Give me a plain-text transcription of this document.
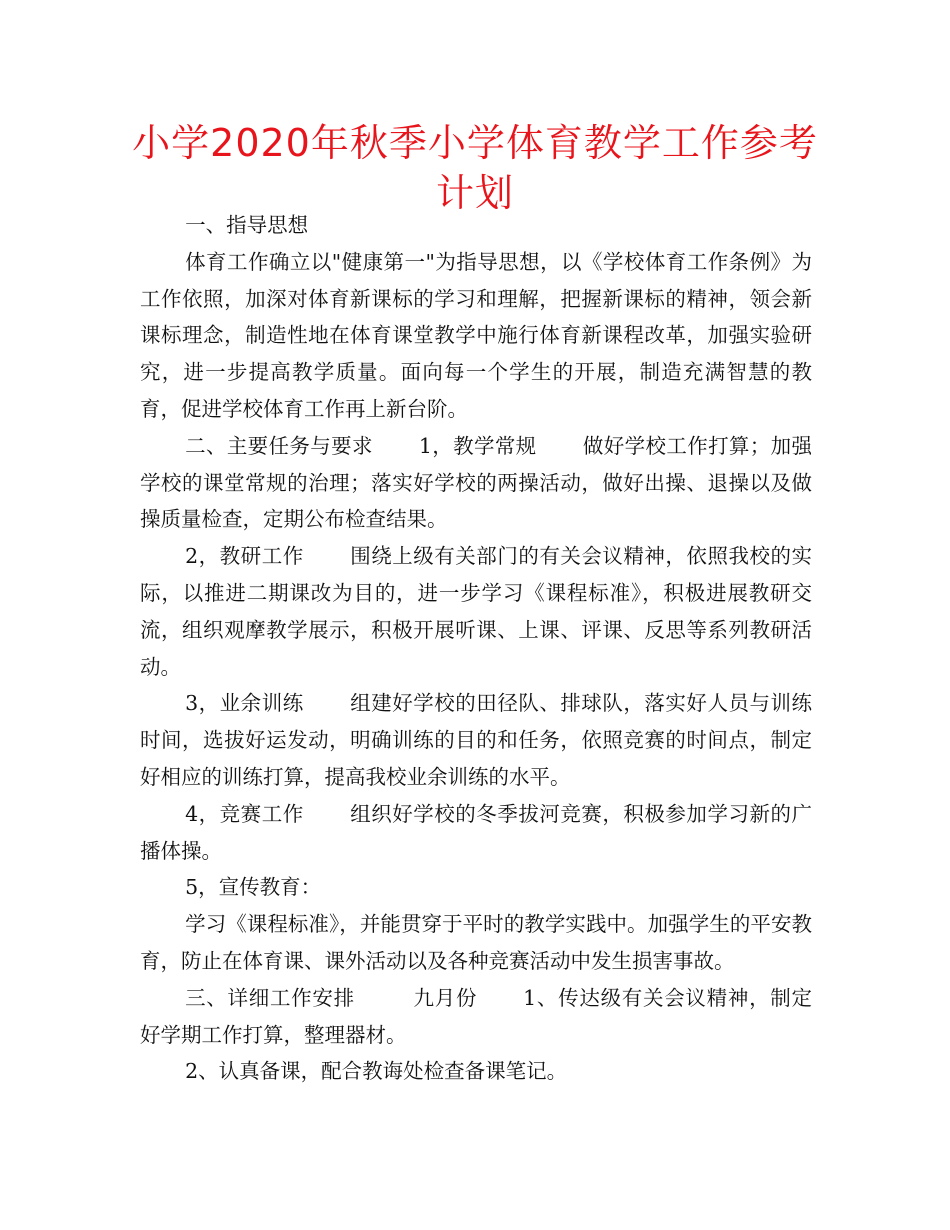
小学2020年秋季小学体育教学工作参考计划

一、指导思想

体育工作确立以"健康第一"为指导思想，以《学校体育工作条例》为工作依照，加深对体育新课标的学习和理解，把握新课标的精神，领会新课标理念，制造性地在体育课堂教学中施行体育新课程改革，加强实验研究，进一步提高教学质量。面向每一个学生的开展，制造充满智慧的教育，促进学校体育工作再上新台阶。

二、主要任务与要求 1，教学常规 做好学校工作打算；加强学校的课堂常规的治理；落实好学校的两操活动，做好出操、退操以及做操质量检查，定期公布检查结果。

2，教研工作 围绕上级有关部门的有关会议精神，依照我校的实际，以推进二期课改为目的，进一步学习《课程标准》，积极进展教研交流，组织观摩教学展示，积极开展听课、上课、评课、反思等系列教研活动。

3，业余训练 组建好学校的田径队、排球队，落实好人员与训练时间，选拔好运发动，明确训练的目的和任务，依照竞赛的时间点，制定好相应的训练打算，提高我校业余训练的水平。

4，竞赛工作 组织好学校的冬季拔河竞赛，积极参加学习新的广播体操。

5，宣传教育：

学习《课程标准》，并能贯穿于平时的教学实践中。加强学生的平安教育，防止在体育课、课外活动以及各种竞赛活动中发生损害事故。

三、详细工作安排	九月份 1、传达级有关会议精神，制定好学期工作打算，整理器材。

2、认真备课，配合教诲处检查备课笔记。
